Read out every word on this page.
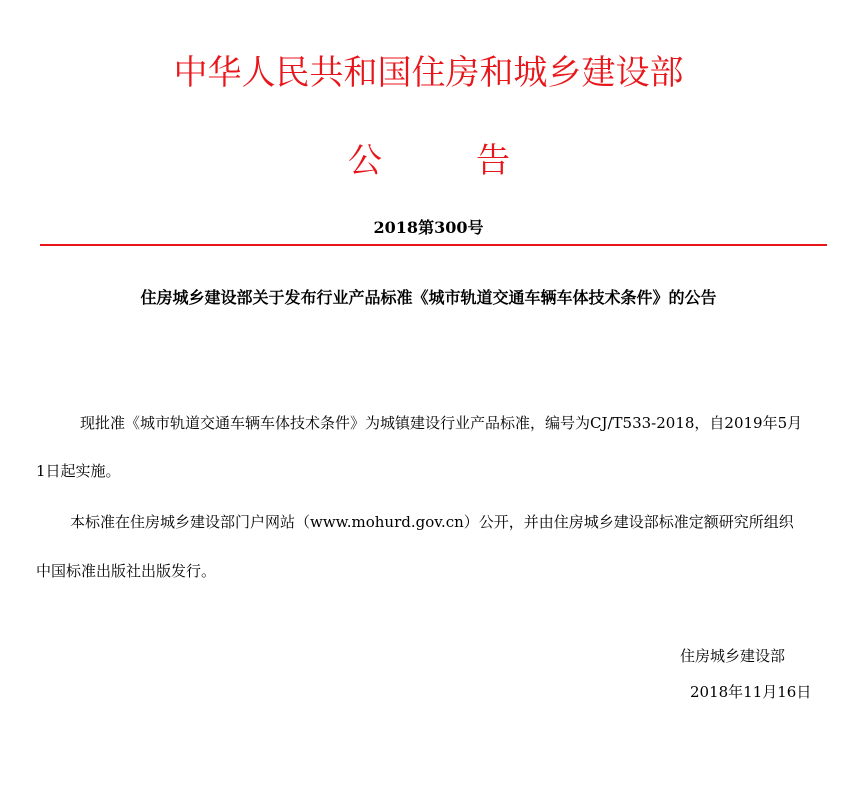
中华人民共和国住房和城乡建设部
公	告
2018第300号
住房城乡建设部关于发布行业产品标准《城市轨道交通车辆车体技术条件》的公告
现批准《城市轨道交通车辆车体技术条件》为城镇建设行业产品标准，编号为CJ/T533-2018，自2019年5月
1日起实施。
本标准在住房城乡建设部门户网站（www.mohurd.gov.cn）公开，并由住房城乡建设部标准定额研究所组织
中国标准出版社出版发行。
住房城乡建设部
2018年11月16日
